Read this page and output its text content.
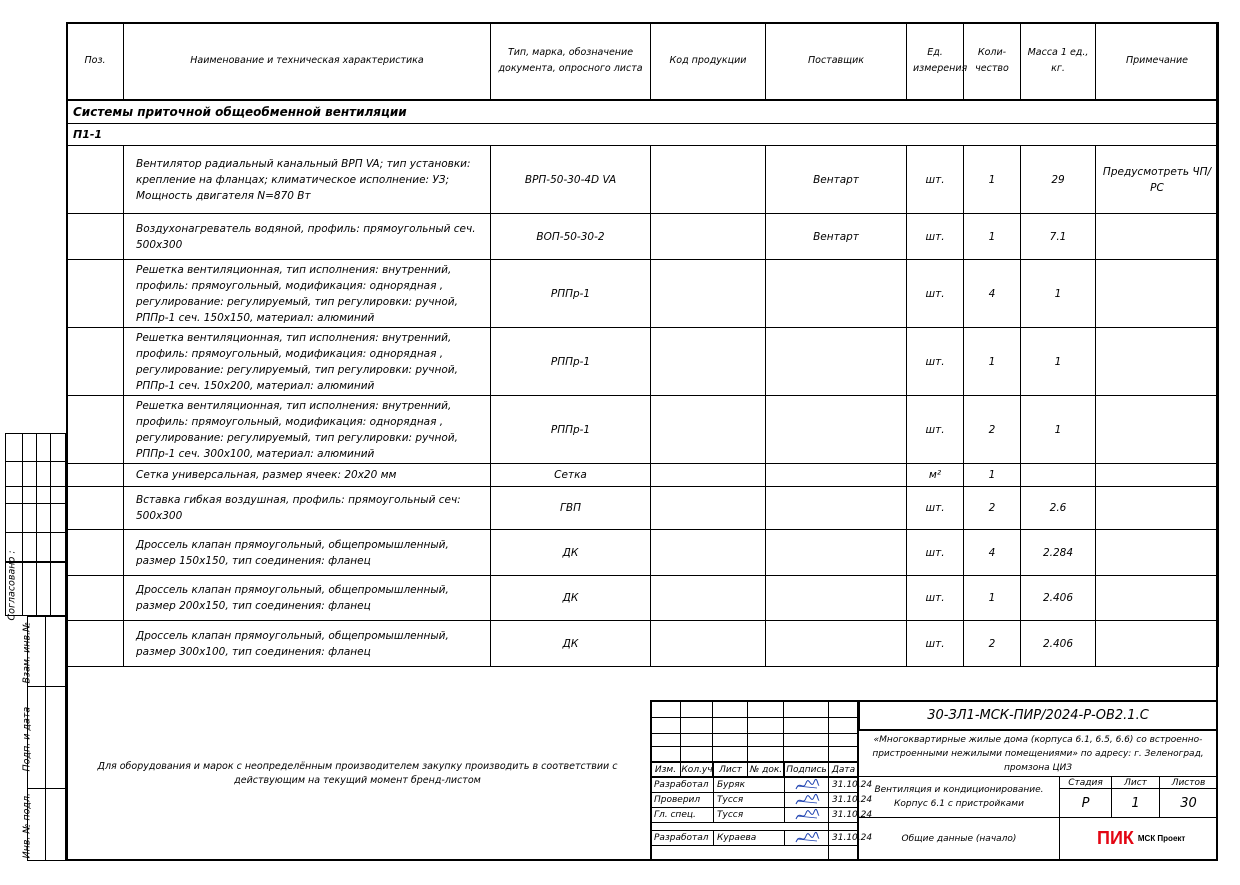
Поз.	Наименование и техническая характеристика	Тип, марка, обозначение документа, опросного листа	Код продукции	Поставщик	Ед. измерения	Коли- чество	Масса 1 ед., кг.	Примечание
Системы приточной общеобменной вентиляции								
П1-1								
	Вентилятор радиальный канальный ВРП VA; тип установки: крепление на фланцах; климатическое исполнение: УЗ; Мощность двигателя N=870 Вт	ВРП-50-30-4D VA		Вентарт	шт.	1	29	Предусмотреть ЧП/РС
	Воздухонагреватель водяной, профиль: прямоугольный сеч. 500х300	ВОП-50-30-2		Вентарт	шт.	1	7.1	
	Решетка вентиляционная, тип исполнения: внутренний, профиль: прямоугольный, модификация: однорядная , регулирование: регулируемый, тип регулировки: ручной, РППр-1 сеч. 150х150, материал: алюминий	РППр-1			шт.	4	1	
	Решетка вентиляционная, тип исполнения: внутренний, профиль: прямоугольный, модификация: однорядная , регулирование: регулируемый, тип регулировки: ручной, РППр-1 сеч. 150х200, материал: алюминий	РППр-1			шт.	1	1	
	Решетка вентиляционная, тип исполнения: внутренний, профиль: прямоугольный, модификация: однорядная , регулирование: регулируемый, тип регулировки: ручной, РППр-1 сеч. 300х100, материал: алюминий	РППр-1			шт.	2	1	
	Сетка универсальная, размер ячеек: 20х20 мм	Сетка			м²	1		
	Вставка гибкая воздушная, профиль: прямоугольный сеч: 500х300	ГВП			шт.	2	2.6	
	Дроссель клапан прямоугольный, общепромышленный, размер 150х150, тип соединения: фланец	ДК			шт.	4	2.284	
	Дроссель клапан прямоугольный, общепромышленный, размер 200х150, тип соединения: фланец	ДК			шт.	1	2.406	
	Дроссель клапан прямоугольный, общепромышленный, размер 300х100, тип соединения: фланец	ДК			шт.	2	2.406	
Согласовано :
Взам. инв.№
Подп. и дата
Инв. № подл.
Для оборудования и марок с неопределённым производителем закупку производить в соответствии с действующим на текущий момент бренд-листом
Изм. Кол.уч Лист № док. Подпись Дата
Разработал Буряк	31.10.24
Проверил	Тусся	31.10.24
Гл. спец.	Тусся	31.10.24
Разработал Кураева	31.10.24
30-ЗЛ1-МСК-ПИР/2024-Р-ОВ2.1.С
«Многоквартирные жилые дома (корпуса 6.1, 6.5, 6.6) со встроенно-пристроенными нежилыми помещениями» по адресу: г. Зеленоград, промзона ЦИЗ
Вентиляция и кондиционирование. Корпус 6.1 с пристройками
Стадия	Лист	Листов
Р	1	30
Общие данные (начало)	ПИК МСК Проект
